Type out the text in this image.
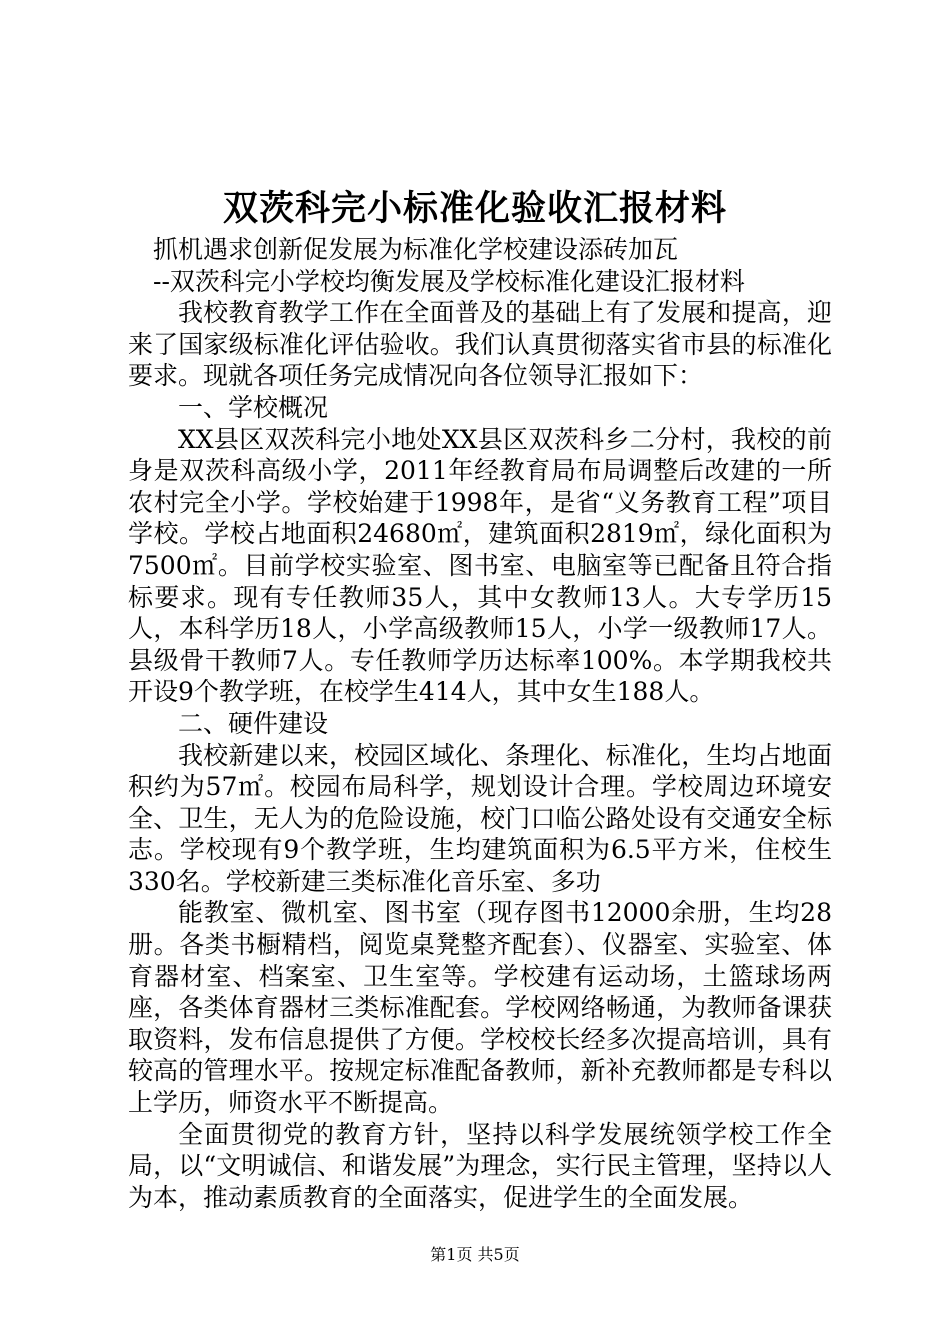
双茨科完小标准化验收汇报材料

抓机遇求创新促发展为标准化学校建设添砖加瓦

--双茨科完小学校均衡发展及学校标准化建设汇报材料

我校教育教学工作在全面普及的基础上有了发展和提高，迎来了国家级标准化评估验收。我们认真贯彻落实省市县的标准化要求。现就各项任务完成情况向各位领导汇报如下：

一、学校概况

XX县区双茨科完小地处XX县区双茨科乡二分村，我校的前身是双茨科高级小学，2011年经教育局布局调整后改建的一所农村完全小学。学校始建于1998年，是省“义务教育工程”项目学校。学校占地面积24680㎡，建筑面积2819㎡，绿化面积为7500㎡。目前学校实验室、图书室、电脑室等已配备且符合指标要求。现有专任教师35人，其中女教师13人。大专学历15人，本科学历18人，小学高级教师15人，小学一级教师17人。县级骨干教师7人。专任教师学历达标率100%。本学期我校共开设9个教学班，在校学生414人，其中女生188人。

二、硬件建设

我校新建以来，校园区域化、条理化、标准化，生均占地面积约为57㎡。校园布局科学，规划设计合理。学校周边环境安全、卫生，无人为的危险设施，校门口临公路处设有交通安全标志。学校现有9个教学班，生均建筑面积为6.5平方米，住校生330名。学校新建三类标准化音乐室、多功

能教室、微机室、图书室（现存图书12000余册，生均28册。各类书橱精档，阅览桌凳整齐配套）、仪器室、实验室、体育器材室、档案室、卫生室等。学校建有运动场，土篮球场两座，各类体育器材三类标准配套。学校网络畅通，为教师备课获取资料，发布信息提供了方便。学校校长经多次提高培训，具有较高的管理水平。按规定标准配备教师，新补充教师都是专科以上学历，师资水平不断提高。

全面贯彻党的教育方针，坚持以科学发展统领学校工作全局，以“文明诚信、和谐发展”为理念，实行民主管理，坚持以人为本，推动素质教育的全面落实，促进学生的全面发展。

第1页 共5页
